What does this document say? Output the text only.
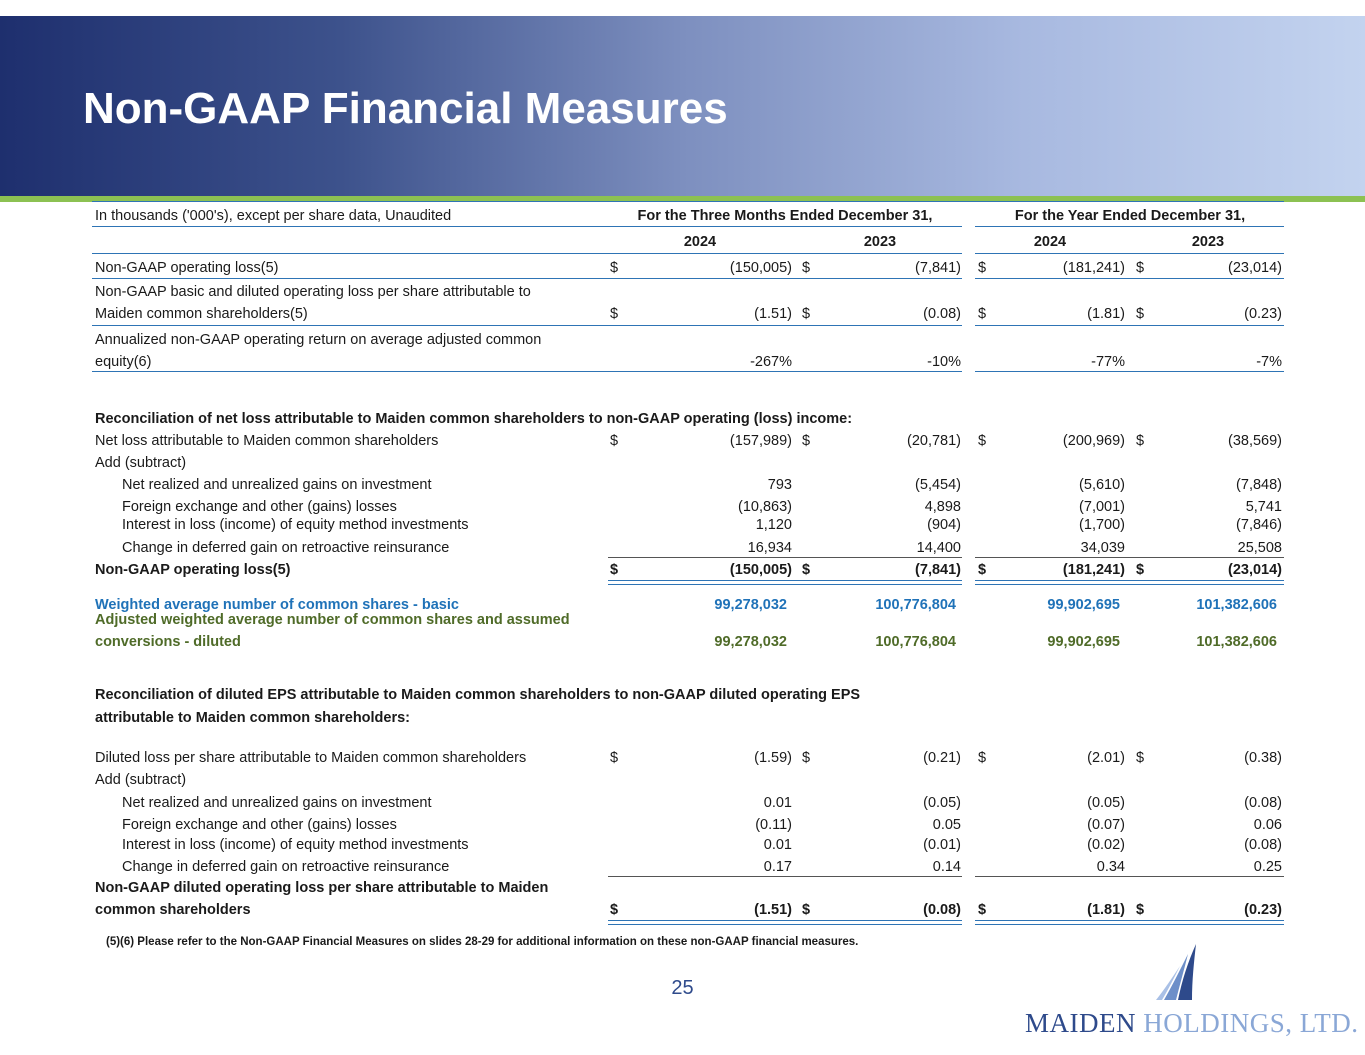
Non-GAAP Financial Measures
In thousands ('000's), except per share data, Unaudited	For the Three Months Ended December 31,	For the Year Ended December 31,
2024	2023	2024	2023
Non-GAAP operating loss(5)	$	(150,005) $	(7,841) $	(181,241) $	(23,014)
Non-GAAP basic and diluted operating loss per share attributable to
Maiden common shareholders(5)	$	(1.51) $	(0.08) $	(1.81) $	(0.23)
Annualized non-GAAP operating return on average adjusted common
equity(6)	-267%	-10%	-77%	-7%
Reconciliation of net loss attributable to Maiden common shareholders to non-GAAP operating (loss) income:
Net loss attributable to Maiden common shareholders	$	(157,989) $	(20,781) $	(200,969) $	(38,569)
Add (subtract)
Net realized and unrealized gains on investment	793	(5,454)	(5,610)	(7,848)
Foreign exchange and other (gains) losses	(10,863)	4,898	(7,001)	5,741
Interest in loss (income) of equity method investments	1,120	(904)	(1,700)	(7,846)
Change in deferred gain on retroactive reinsurance	16,934	14,400	34,039	25,508
Non-GAAP operating loss(5)	$	(150,005) $	(7,841) $	(181,241) $	(23,014)
Weighted average number of common shares - basic	99,278,032	100,776,804	99,902,695	101,382,606
Adjusted weighted average number of common shares and assumed
conversions - diluted	99,278,032	100,776,804	99,902,695	101,382,606
Reconciliation of diluted EPS attributable to Maiden common shareholders to non-GAAP diluted operating EPS
attributable to Maiden common shareholders:
Diluted loss per share attributable to Maiden common shareholders	$	(1.59) $	(0.21) $	(2.01) $	(0.38)
Add (subtract)
Net realized and unrealized gains on investment	0.01	(0.05)	(0.05)	(0.08)
Foreign exchange and other (gains) losses	(0.11)	0.05	(0.07)	0.06
Interest in loss (income) of equity method investments	0.01	(0.01)	(0.02)	(0.08)
Change in deferred gain on retroactive reinsurance	0.17	0.14	0.34	0.25
Non-GAAP diluted operating loss per share attributable to Maiden
common shareholders	$	(1.51) $	(0.08) $	(1.81) $	(0.23)
(5)(6) Please refer to the Non-GAAP Financial Measures on slides 28-29 for additional information on these non-GAAP financial measures.
25
MAIDEN HOLDINGS, LTD.
